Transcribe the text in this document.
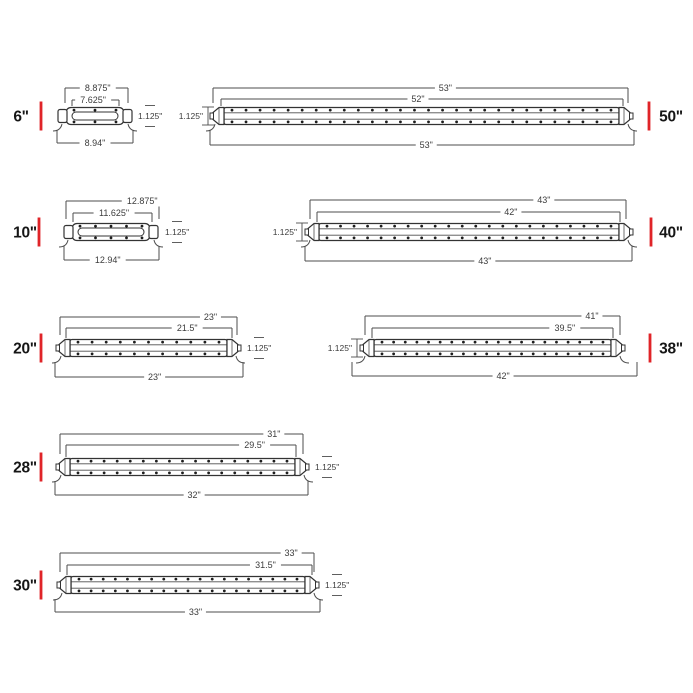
8.875"
7.625"
8.94"
1.125"
6"
53"
52"
53"
1.125"	50"
12.875"
11.625"
12.94"
1.125"
10"
43"
42"
43"
1.125"	40"
23"
21.5"
23"
1.125"
20"
41"
39.5"
42"
1.125"	38"
31"
29.5"
32"
1.125"
28"
33"
31.5"
33"
1.125"
30"
